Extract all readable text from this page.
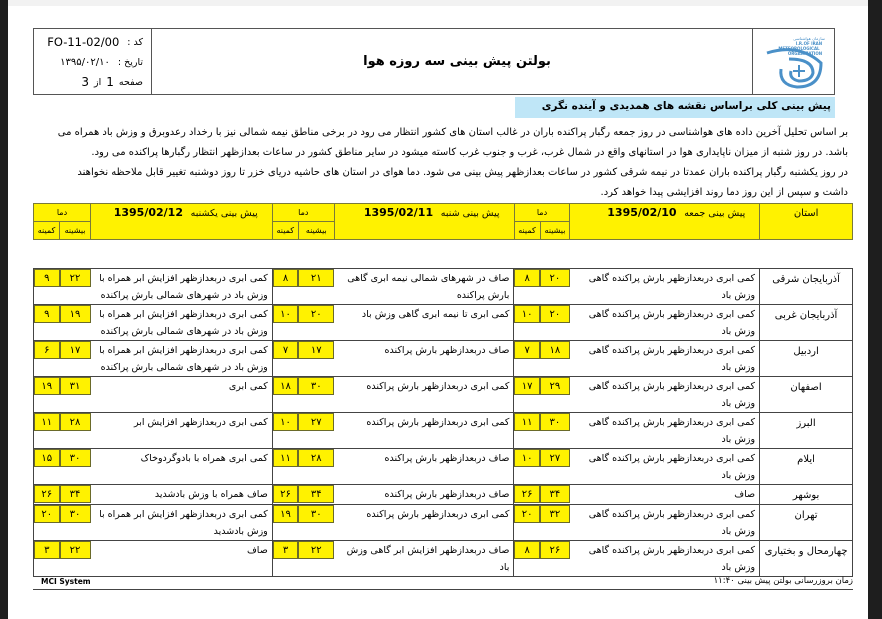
کد :
FO-11-02/00
تاریخ :
۱۳۹۵/۰۲/۱۰
صفحه
1
از
3
بولتن پیش بینی سه روزه هوا
سازمان هواشناسی
I.R.OF IRAN
METEOROLOGICAL
ORGANIZATION
پیش بینی کلی براساس نقشه های همدیدی و آینده نگری
بر اساس تحلیل آخرین داده های هواشناسی در روز جمعه رگبار پراکنده باران در غالب استان های کشور انتظار می رود در برخی مناطق نیمه شمالی نیز با رخداد رعدوبرق و وزش باد همراه می
باشد. در روز شنبه از میزان ناپایداری هوا در استانهای واقع در شمال غرب، غرب و جنوب غرب کاسته میشود در سایر مناطق کشور در ساعات بعدازظهر انتظار رگبارها پراکنده می رود.
در روز یکشنبه رگبار پراکنده باران عمدتا در نیمه شرقی کشور در ساعات بعدازظهر پیش بینی می شود. دما هوای در استان های حاشیه دریای خزر تا روز دوشنبه تغییر قابل ملاحظه نخواهند
داشت و سپس از این روز دما روند افزایشی پیدا خواهد کرد.
استان	پیش بینی جمعه  1395/02/10	دما		پیش بینی شنبه  1395/02/11	دما		پیش بینی یکشنبه  1395/02/12	دما	
		بیشینه	کمینه		بیشینه	کمینه		بیشینه	کمینه
آذربایجان شرقی	کمی ابری دربعدازظهر بارش پراکنده گاهی وزش باد	۲۰	۸	صاف در شهرهای شمالی نیمه ابری گاهی بارش پراکنده	۲۱	۸	کمی ابری دربعدازظهر افزایش ابر همراه با وزش باد در شهرهای شمالی بارش پراکنده	۲۲	۹

آذربایجان غربی	کمی ابری دربعدازظهر بارش پراکنده گاهی وزش باد	۲۰	۱۰	کمی ابری تا نیمه ابری گاهی وزش باد	۲۰	۱۰	کمی ابری دربعدازظهر افزایش ابر همراه با وزش باد در شهرهای شمالی بارش پراکنده	۱۹	۹

اردبیل	کمی ابری دربعدازظهر بارش پراکنده گاهی وزش باد	۱۸	۷	صاف دربعدازظهر بارش پراکنده	۱۷	۷	کمی ابری دربعدازظهر افزایش ابر همراه با وزش باد در شهرهای شمالی بارش پراکنده	۱۷	۶

اصفهان	کمی ابری دربعدازظهر بارش پراکنده گاهی وزش باد	۲۹	۱۷	کمی ابری دربعدازظهر بارش پراکنده	۳۰	۱۸	کمی ابری	۳۱	۱۹

البرز	کمی ابری دربعدازظهر بارش پراکنده گاهی وزش باد	۳۰	۱۱	کمی ابری دربعدازظهر بارش پراکنده	۲۷	۱۰	کمی ابری دربعدازظهر افزایش ابر	۲۸	۱۱

ایلام	کمی ابری دربعدازظهر بارش پراکنده گاهی وزش باد	۲۷	۱۰	صاف دربعدازظهر بارش پراکنده	۲۸	۱۱	کمی ابری همراه با بادوگردوخاک	۳۰	۱۵

بوشهر	صاف	۳۴	۲۶	صاف دربعدازظهر بارش پراکنده	۳۴	۲۶	صاف همراه با وزش بادشدید	۳۴	۲۶

تهران	کمی ابری دربعدازظهر بارش پراکنده گاهی وزش باد	۳۲	۲۰	کمی ابری دربعدازظهر بارش پراکنده	۳۰	۱۹	کمی ابری دربعدازظهر افزایش ابر همراه با وزش بادشدید	۳۰	۲۰

چهارمحال و بختیاری	کمی ابری دربعدازظهر بارش پراکنده گاهی وزش باد	۲۶	۸	صاف دربعدازظهر افزایش ابر گاهی وزش باد	۲۲	۳	صاف	۲۲	۳
MCI System	زمان بروزرسانی بولتن پیش بینی ۱۱:۴۰
